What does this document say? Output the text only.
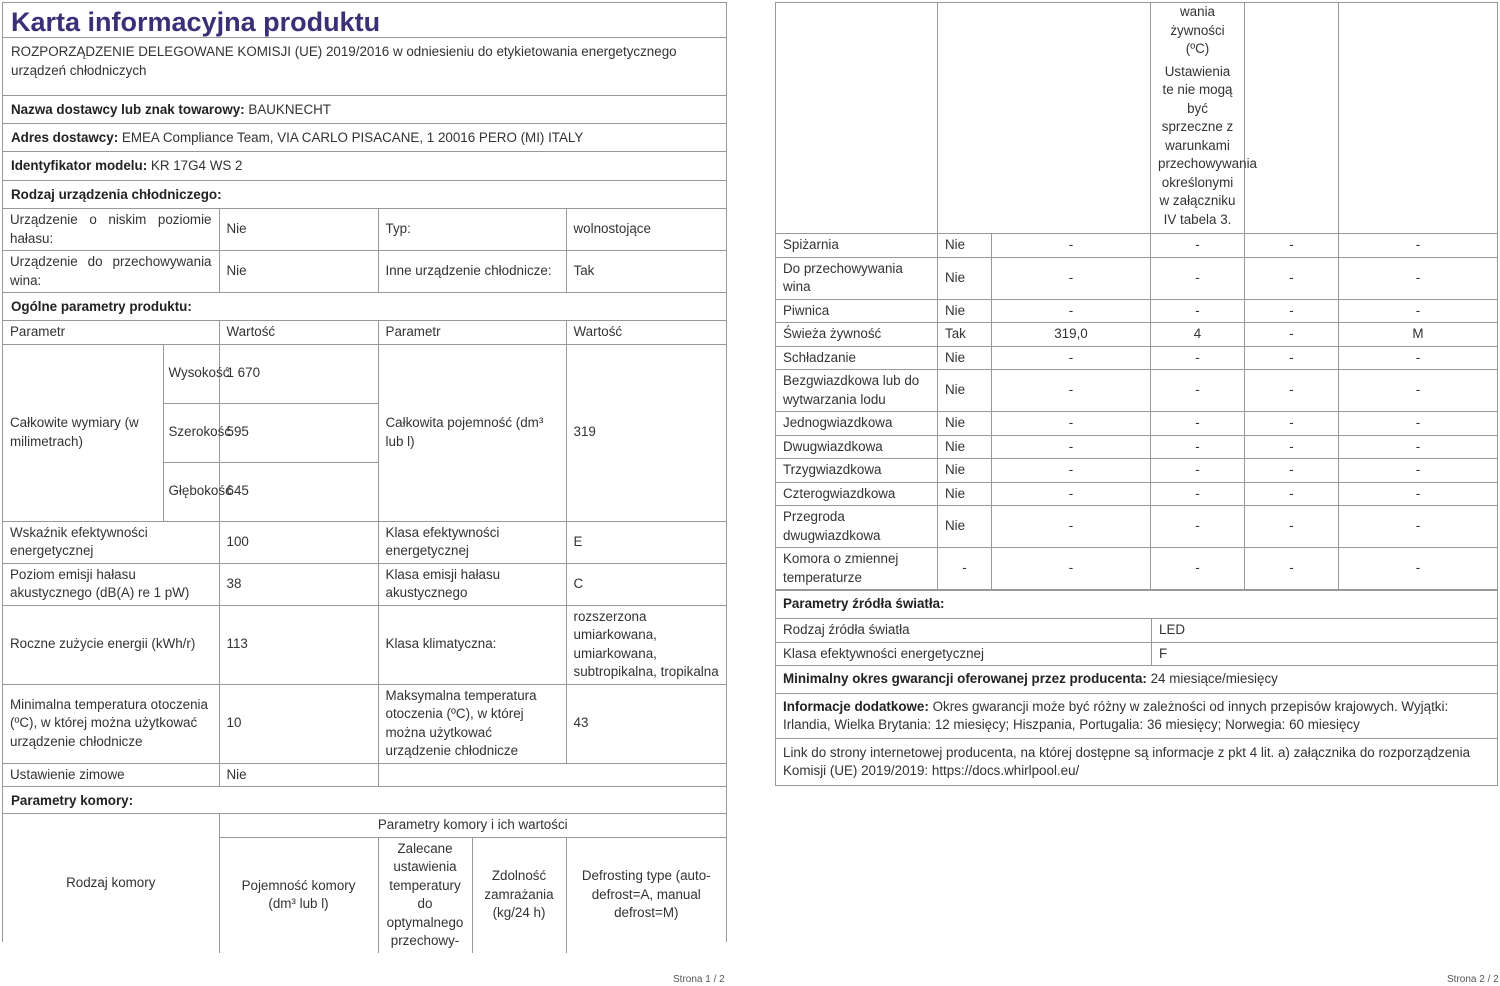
Karta informacyjna produktu
ROZPORZĄDZENIE DELEGOWANE KOMISJI (UE) 2019/2016 w odniesieniu do etykietowania energetycznego urządzeń chłodniczych
Nazwa dostawcy lub znak towarowy: BAUKNECHT
Adres dostawcy: EMEA Compliance Team, VIA CARLO PISACANE, 1 20016 PERO (MI) ITALY
Identyfikator modelu: KR 17G4 WS 2
Rodzaj urządzenia chłodniczego:
Urządzenie o niskim poziomie hałasu:	Nie	Typ:	wolnostojące
Urządzenie do przechowywania wina:	Nie	Inne urządzenie chłodnicze:	Tak
Ogólne parametry produktu:
Parametr		Wartość	Parametr	Wartość
Całkowite wymiary (w milimetrach)	Wysokość	1 670	Całkowita pojemność (dm³ lub l)	319
	Szerokość	595		
	Głębokość	645		
Wskaźnik efektywności energetycznej		100	Klasa efektywności energetycznej	E
Poziom emisji hałasu akustycznego (dB(A) re 1 pW)		38	Klasa emisji hałasu akustycznego	C
Roczne zużycie energii (kWh/r)		113	Klasa klimatyczna:	rozszerzona umiarkowana, umiarkowana, subtropikalna, tropikalna
Minimalna temperatura otoczenia (ºC), w której można użytkować urządzenie chłodnicze		10	Maksymalna temperatura otoczenia (ºC), w której można użytkować urządzenie chłodnicze	43
Ustawienie zimowe		Nie		
Parametry komory:
Rodzaj komory	Parametry komory i ich wartości			
	Pojemność komory (dm³ lub l)	Zalecane ustawienia temperatury do optymalnego przechowy-	Zdolność zamrażania (kg/24 h)	Defrosting type (auto-defrost=A, manual defrost=M)
Strona 1 / 2

			wania żywności (ºC)
Ustawienia te nie mogą być sprzeczne z warunkami przechowywania określonymi w załączniku IV tabela 3.		

Spiżarnia	Nie	-	-	-	-
Do przechowywania wina	Nie	-	-	-	-
Piwnica	Nie	-	-	-	-
Świeża żywność	Tak	319,0	4	-	M
Schładzanie	Nie	-	-	-	-
Bezgwiazdkowa lub do wytwarzania lodu	Nie	-	-	-	-
Jednogwiazdkowa	Nie	-	-	-	-
Dwugwiazdkowa	Nie	-	-	-	-
Trzygwiazdkowa	Nie	-	-	-	-
Czterogwiazdkowa	Nie	-	-	-	-
Przegroda dwugwiazdkowa	Nie	-	-	-	-
Komora o zmiennej temperaturze	-	-	-	-	-
Parametry źródła światła:	
Rodzaj źródła światła	LED
Klasa efektywności energetycznej	F
Minimalny okres gwarancji oferowanej przez producenta: 24 miesiące/miesięcy	
Informacje dodatkowe: Okres gwarancji może być różny w zależności od innych przepisów krajowych. Wyjątki: Irlandia, Wielka Brytania: 12 miesięcy; Hiszpania, Portugalia: 36 miesięcy; Norwegia: 60 miesięcy	
Link do strony internetowej producenta, na której dostępne są informacje z pkt 4 lit. a) załącznika do rozporządzenia Komisji (UE) 2019/2019: https://docs.whirlpool.eu/	
Strona 2 / 2
